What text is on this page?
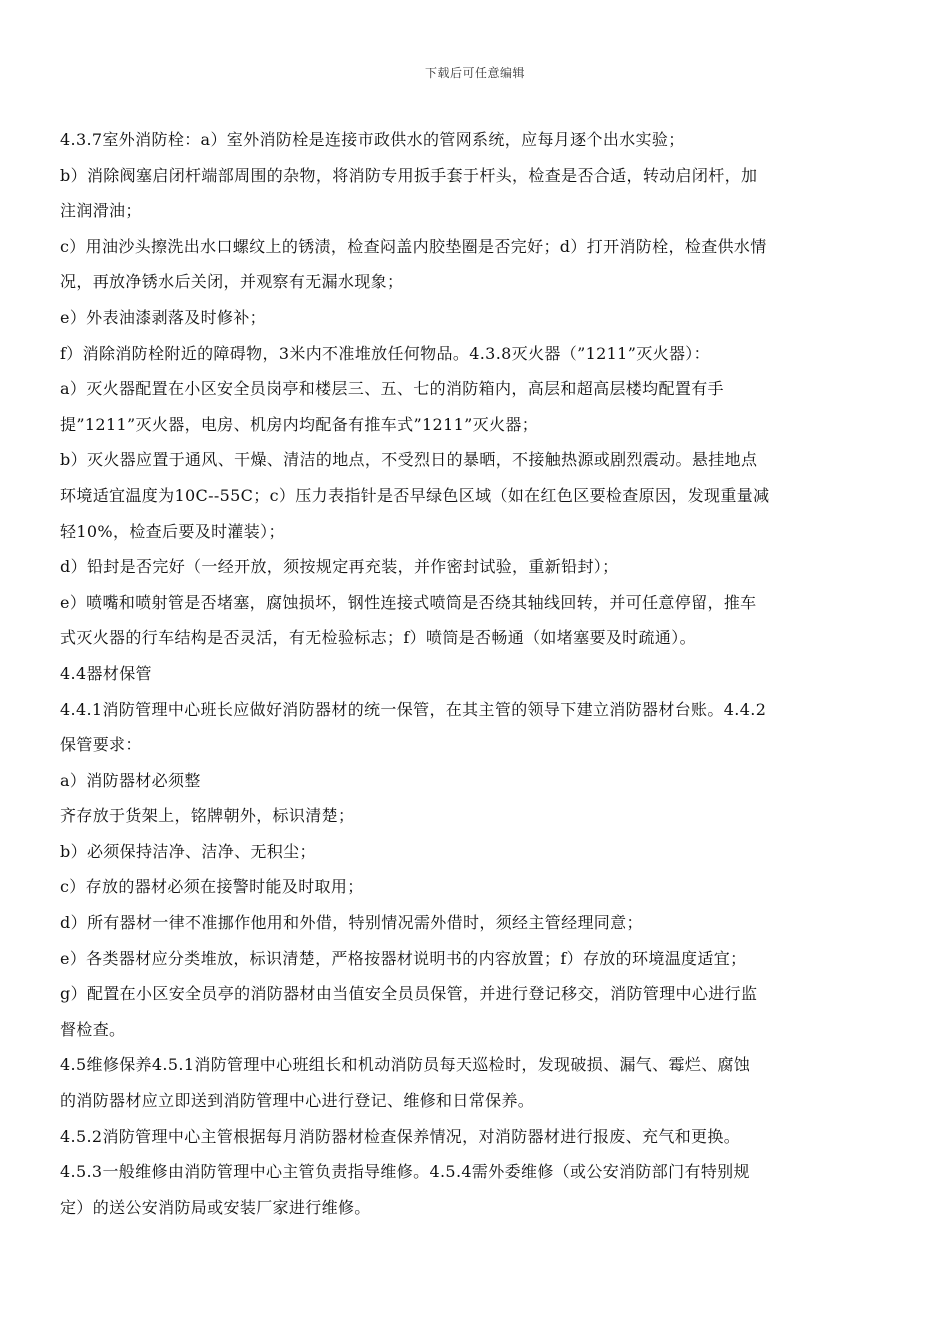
下载后可任意编辑
4.3.7室外消防栓：a）室外消防栓是连接市政供水的管网系统，应每月逐个出水实验；
b）消除阀塞启闭杆端部周围的杂物，将消防专用扳手套于杆头，检查是否合适，转动启闭杆，加
注润滑油；
c）用油沙头擦洗出水口螺纹上的锈渍，检查闷盖内胶垫圈是否完好；d）打开消防栓，检查供水情
况，再放净锈水后关闭，并观察有无漏水现象；
e）外表油漆剥落及时修补；
f）消除消防栓附近的障碍物，3米内不准堆放任何物品。4.3.8灭火器（”1211”灭火器）：
a）灭火器配置在小区安全员岗亭和楼层三、五、七的消防箱内，高层和超高层楼均配置有手
提”1211”灭火器，电房、机房内均配备有推车式”1211”灭火器；
b）灭火器应置于通风、干燥、清洁的地点，不受烈日的暴晒，不接触热源或剧烈震动。悬挂地点
环境适宜温度为10C--55C；c）压力表指针是否早绿色区域（如在红色区要检查原因，发现重量减
轻10%，检查后要及时灌装）；
d）铅封是否完好（一经开放，须按规定再充装，并作密封试验，重新铅封）；
e）喷嘴和喷射管是否堵塞，腐蚀损坏，钢性连接式喷筒是否绕其轴线回转，并可任意停留，推车
式灭火器的行车结构是否灵活，有无检验标志；f）喷筒是否畅通（如堵塞要及时疏通）。
4.4器材保管
4.4.1消防管理中心班长应做好消防器材的统一保管，在其主管的领导下建立消防器材台账。4.4.2
保管要求：
a）消防器材必须整
齐存放于货架上，铭牌朝外，标识清楚；
b）必须保持洁净、洁净、无积尘；
c）存放的器材必须在接警时能及时取用；
d）所有器材一律不准挪作他用和外借，特别情况需外借时，须经主管经理同意；
e）各类器材应分类堆放，标识清楚，严格按器材说明书的内容放置；f）存放的环境温度适宜；
g）配置在小区安全员亭的消防器材由当值安全员员保管，并进行登记移交，消防管理中心进行监
督检查。
4.5维修保养4.5.1消防管理中心班组长和机动消防员每天巡检时，发现破损、漏气、霉烂、腐蚀
的消防器材应立即送到消防管理中心进行登记、维修和日常保养。
4.5.2消防管理中心主管根据每月消防器材检查保养情况，对消防器材进行报废、充气和更换。
4.5.3一般维修由消防管理中心主管负责指导维修。4.5.4需外委维修（或公安消防部门有特别规
定）的送公安消防局或安装厂家进行维修。
